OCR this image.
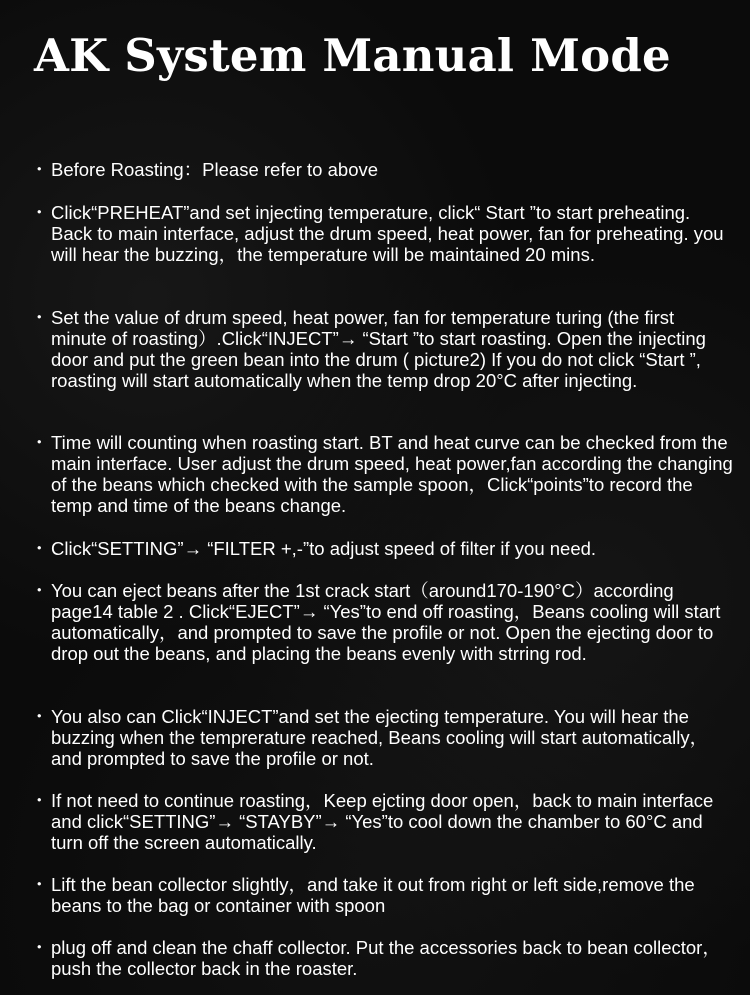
AK System Manual Mode
・ Before Roasting：Please refer to above
・ Click“PREHEAT”and set injecting temperature, click“ Start ”to start preheating. Back to main interface, adjust the drum speed, heat power, fan for preheating. you will hear the buzzing，the temperature will be maintained 20 mins.
・ Set the value of drum speed, heat power, fan for temperature turing (the first minute of roasting）.Click“INJECT”→ “Start ”to start roasting. Open the injecting door and put the green bean into the drum ( picture2) If you do not click “Start ”, roasting will start automatically when the temp drop 20°C after injecting.
・ Time will counting when roasting start. BT and heat curve can be checked from the main interface. User adjust the drum speed, heat power,fan according the changing of the beans which checked with the sample spoon，Click“points”to record the temp and time of the beans change.
・ Click“SETTING”→ “FILTER +,-”to adjust speed of filter if you need.
・ You can eject beans after the 1st crack start（around170-190°C）according page14 table 2 . Click“EJECT”→ “Yes”to end off roasting，Beans cooling will start automatically，and prompted to save the profile or not. Open the ejecting door to drop out the beans, and placing the beans evenly with strring rod.
・ You also can Click“INJECT”and set the ejecting temperature. You will hear the buzzing when the temprerature reached, Beans cooling will start automatically，and prompted to save the profile or not.
・ If not need to continue roasting，Keep ejcting door open，back to main interface and click“SETTING”→ “STAYBY”→ “Yes”to cool down the chamber to 60°C and turn off the screen automatically.
・ Lift the bean collector slightly，and take it out from right or left side,remove the beans to the bag or container with spoon
・ plug off and clean the chaff collector. Put the accessories back to bean collector，push the collector back in the roaster.
